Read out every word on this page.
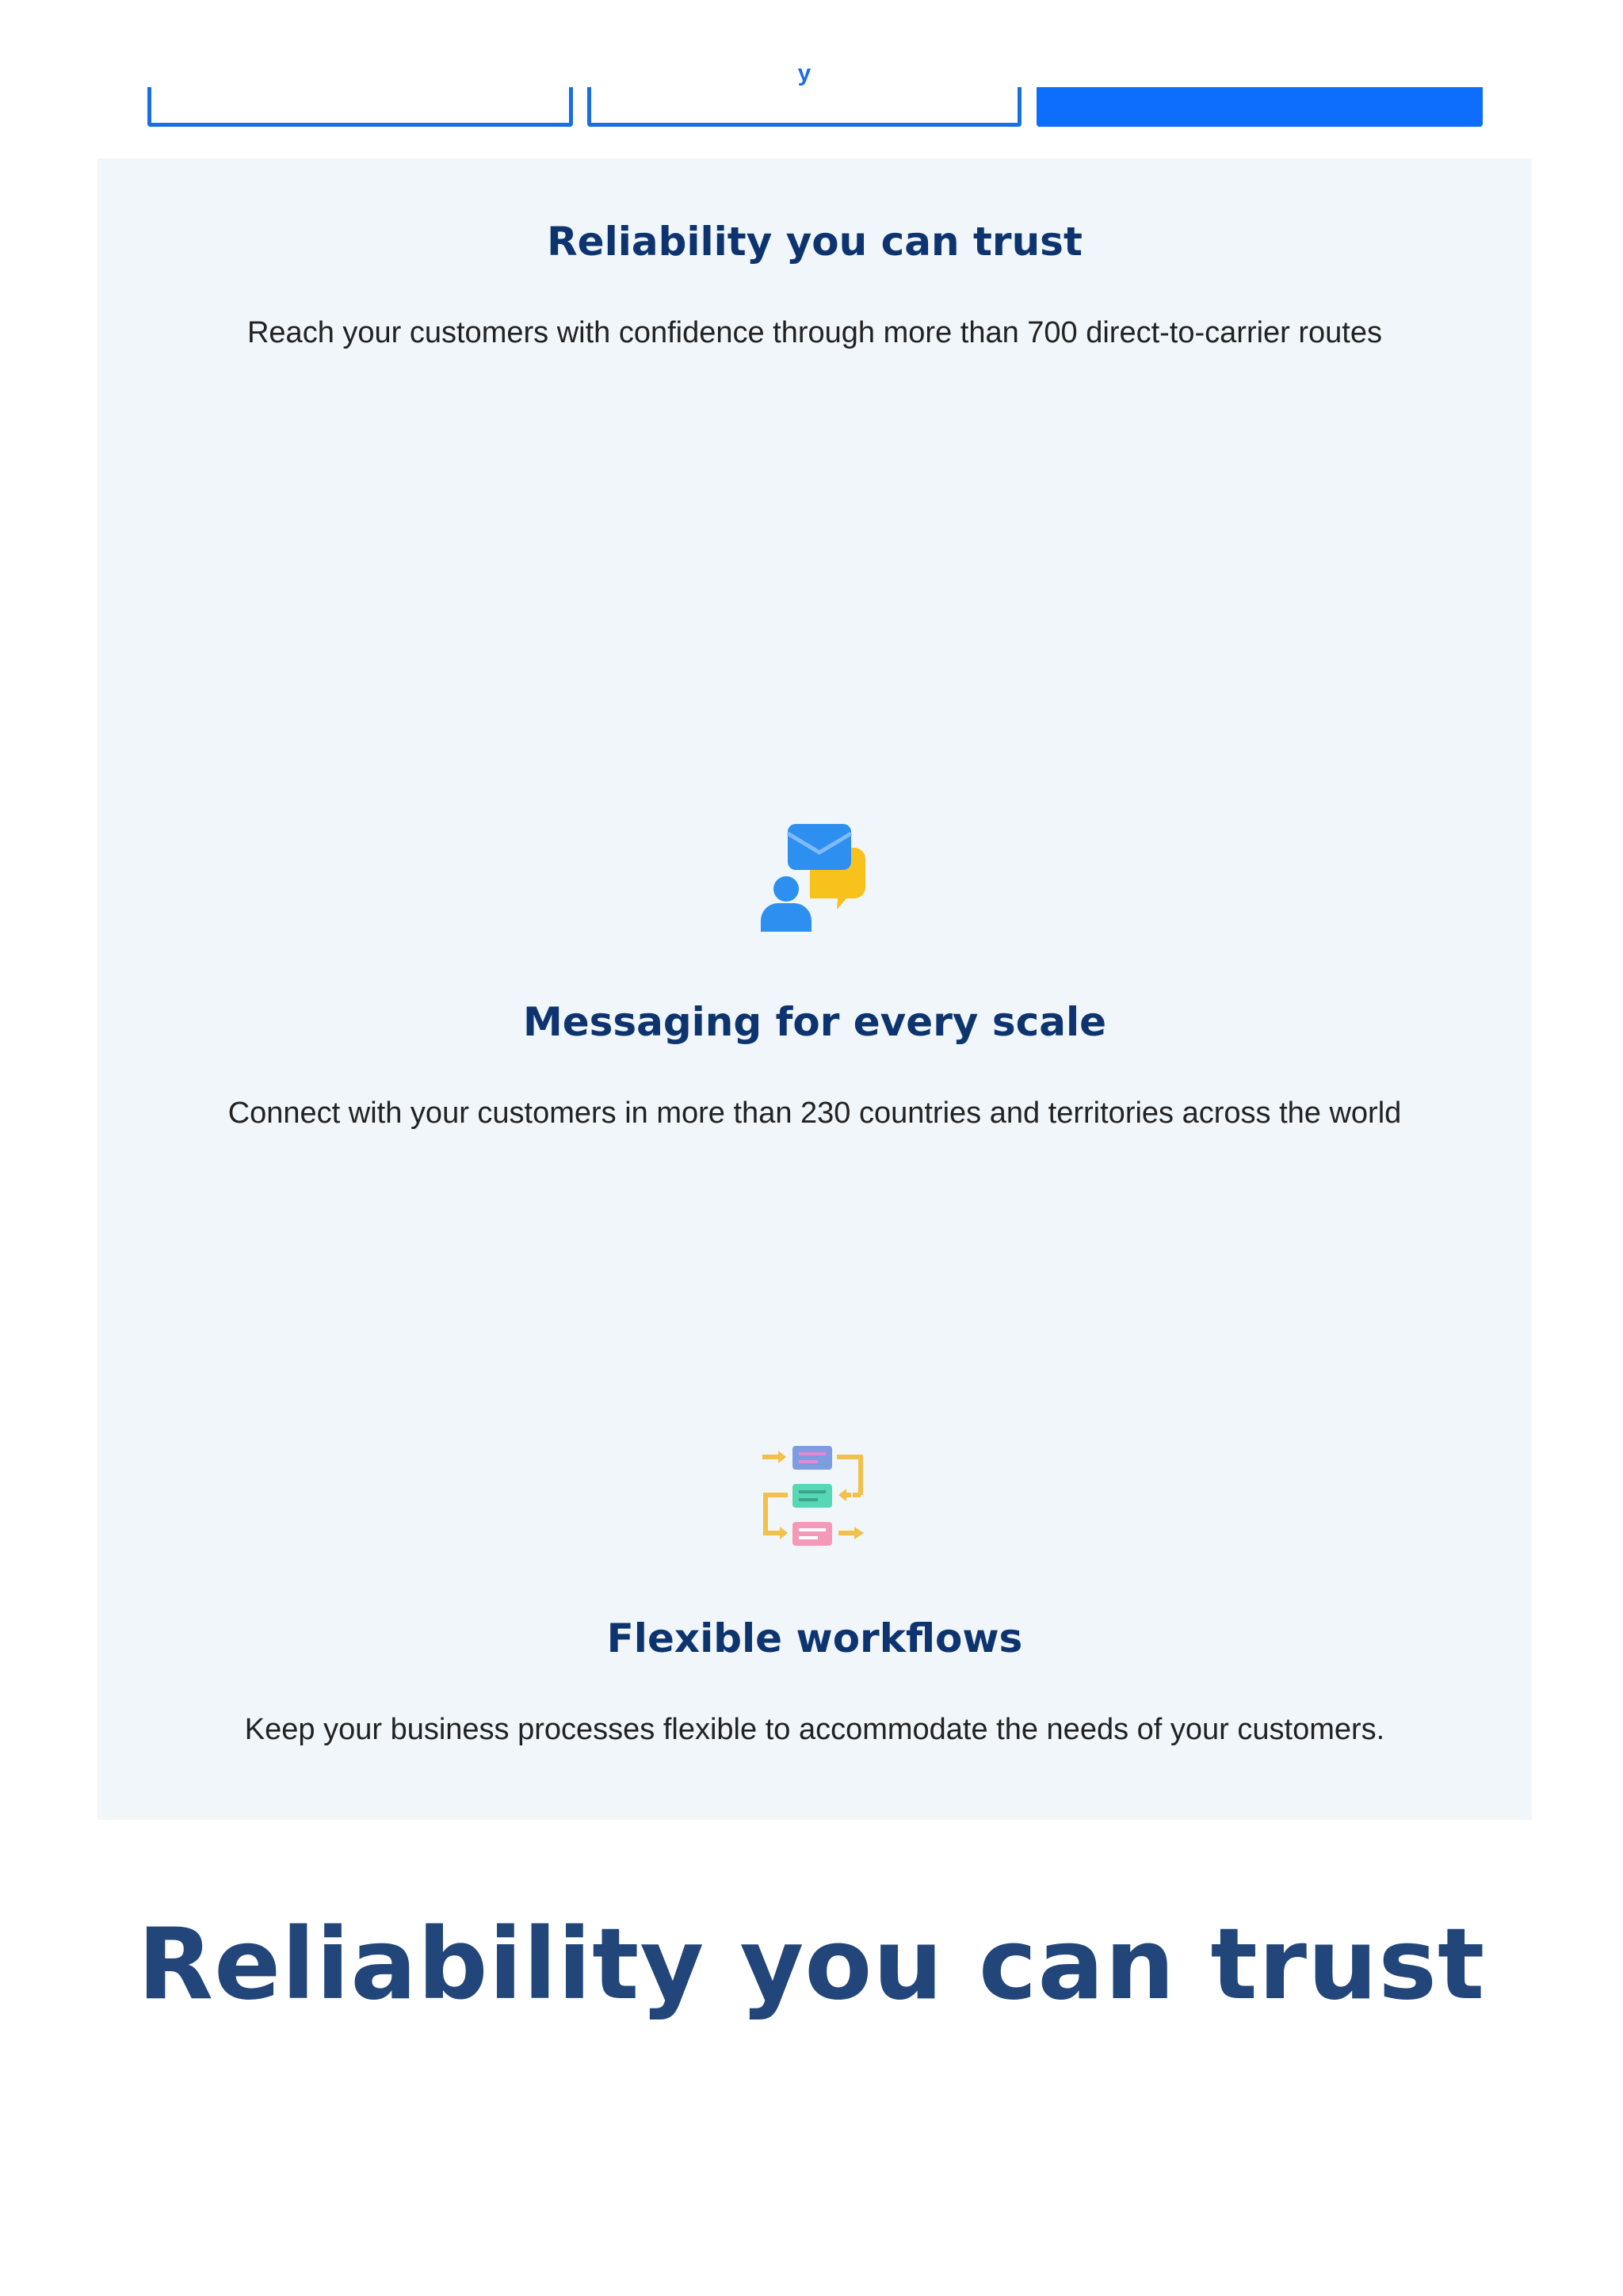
y	p
Reliability you can trust

Reach your customers with confidence through more than 700 direct-to-carrier routes

Messaging for every scale

Connect with your customers in more than 230 countries and territories across the world

Flexible workflows

Keep your business processes flexible to accommodate the needs of your customers.

Reliability you can trust
